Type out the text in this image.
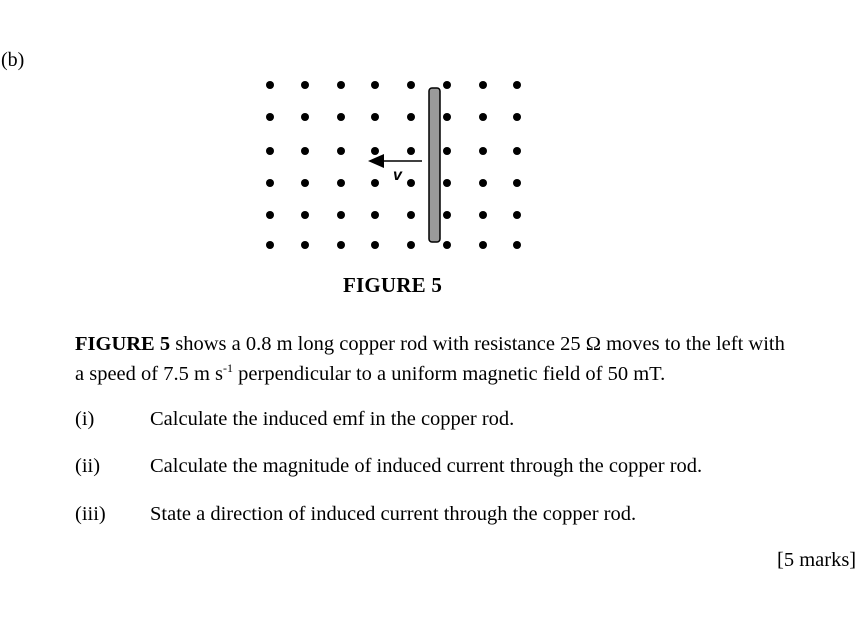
(b)
v
FIGURE 5
FIGURE 5 shows a 0.8 m long copper rod with resistance 25 Ω moves to the left with
a speed of 7.5 m $s^{-1}$ perpendicular to a uniform magnetic field of 50 mT.
(i)	Calculate the induced emf in the copper rod.
(ii) Calculate the magnitude of induced current through the copper rod.
(iii) State a direction of induced current through the copper rod.
[5 marks]
